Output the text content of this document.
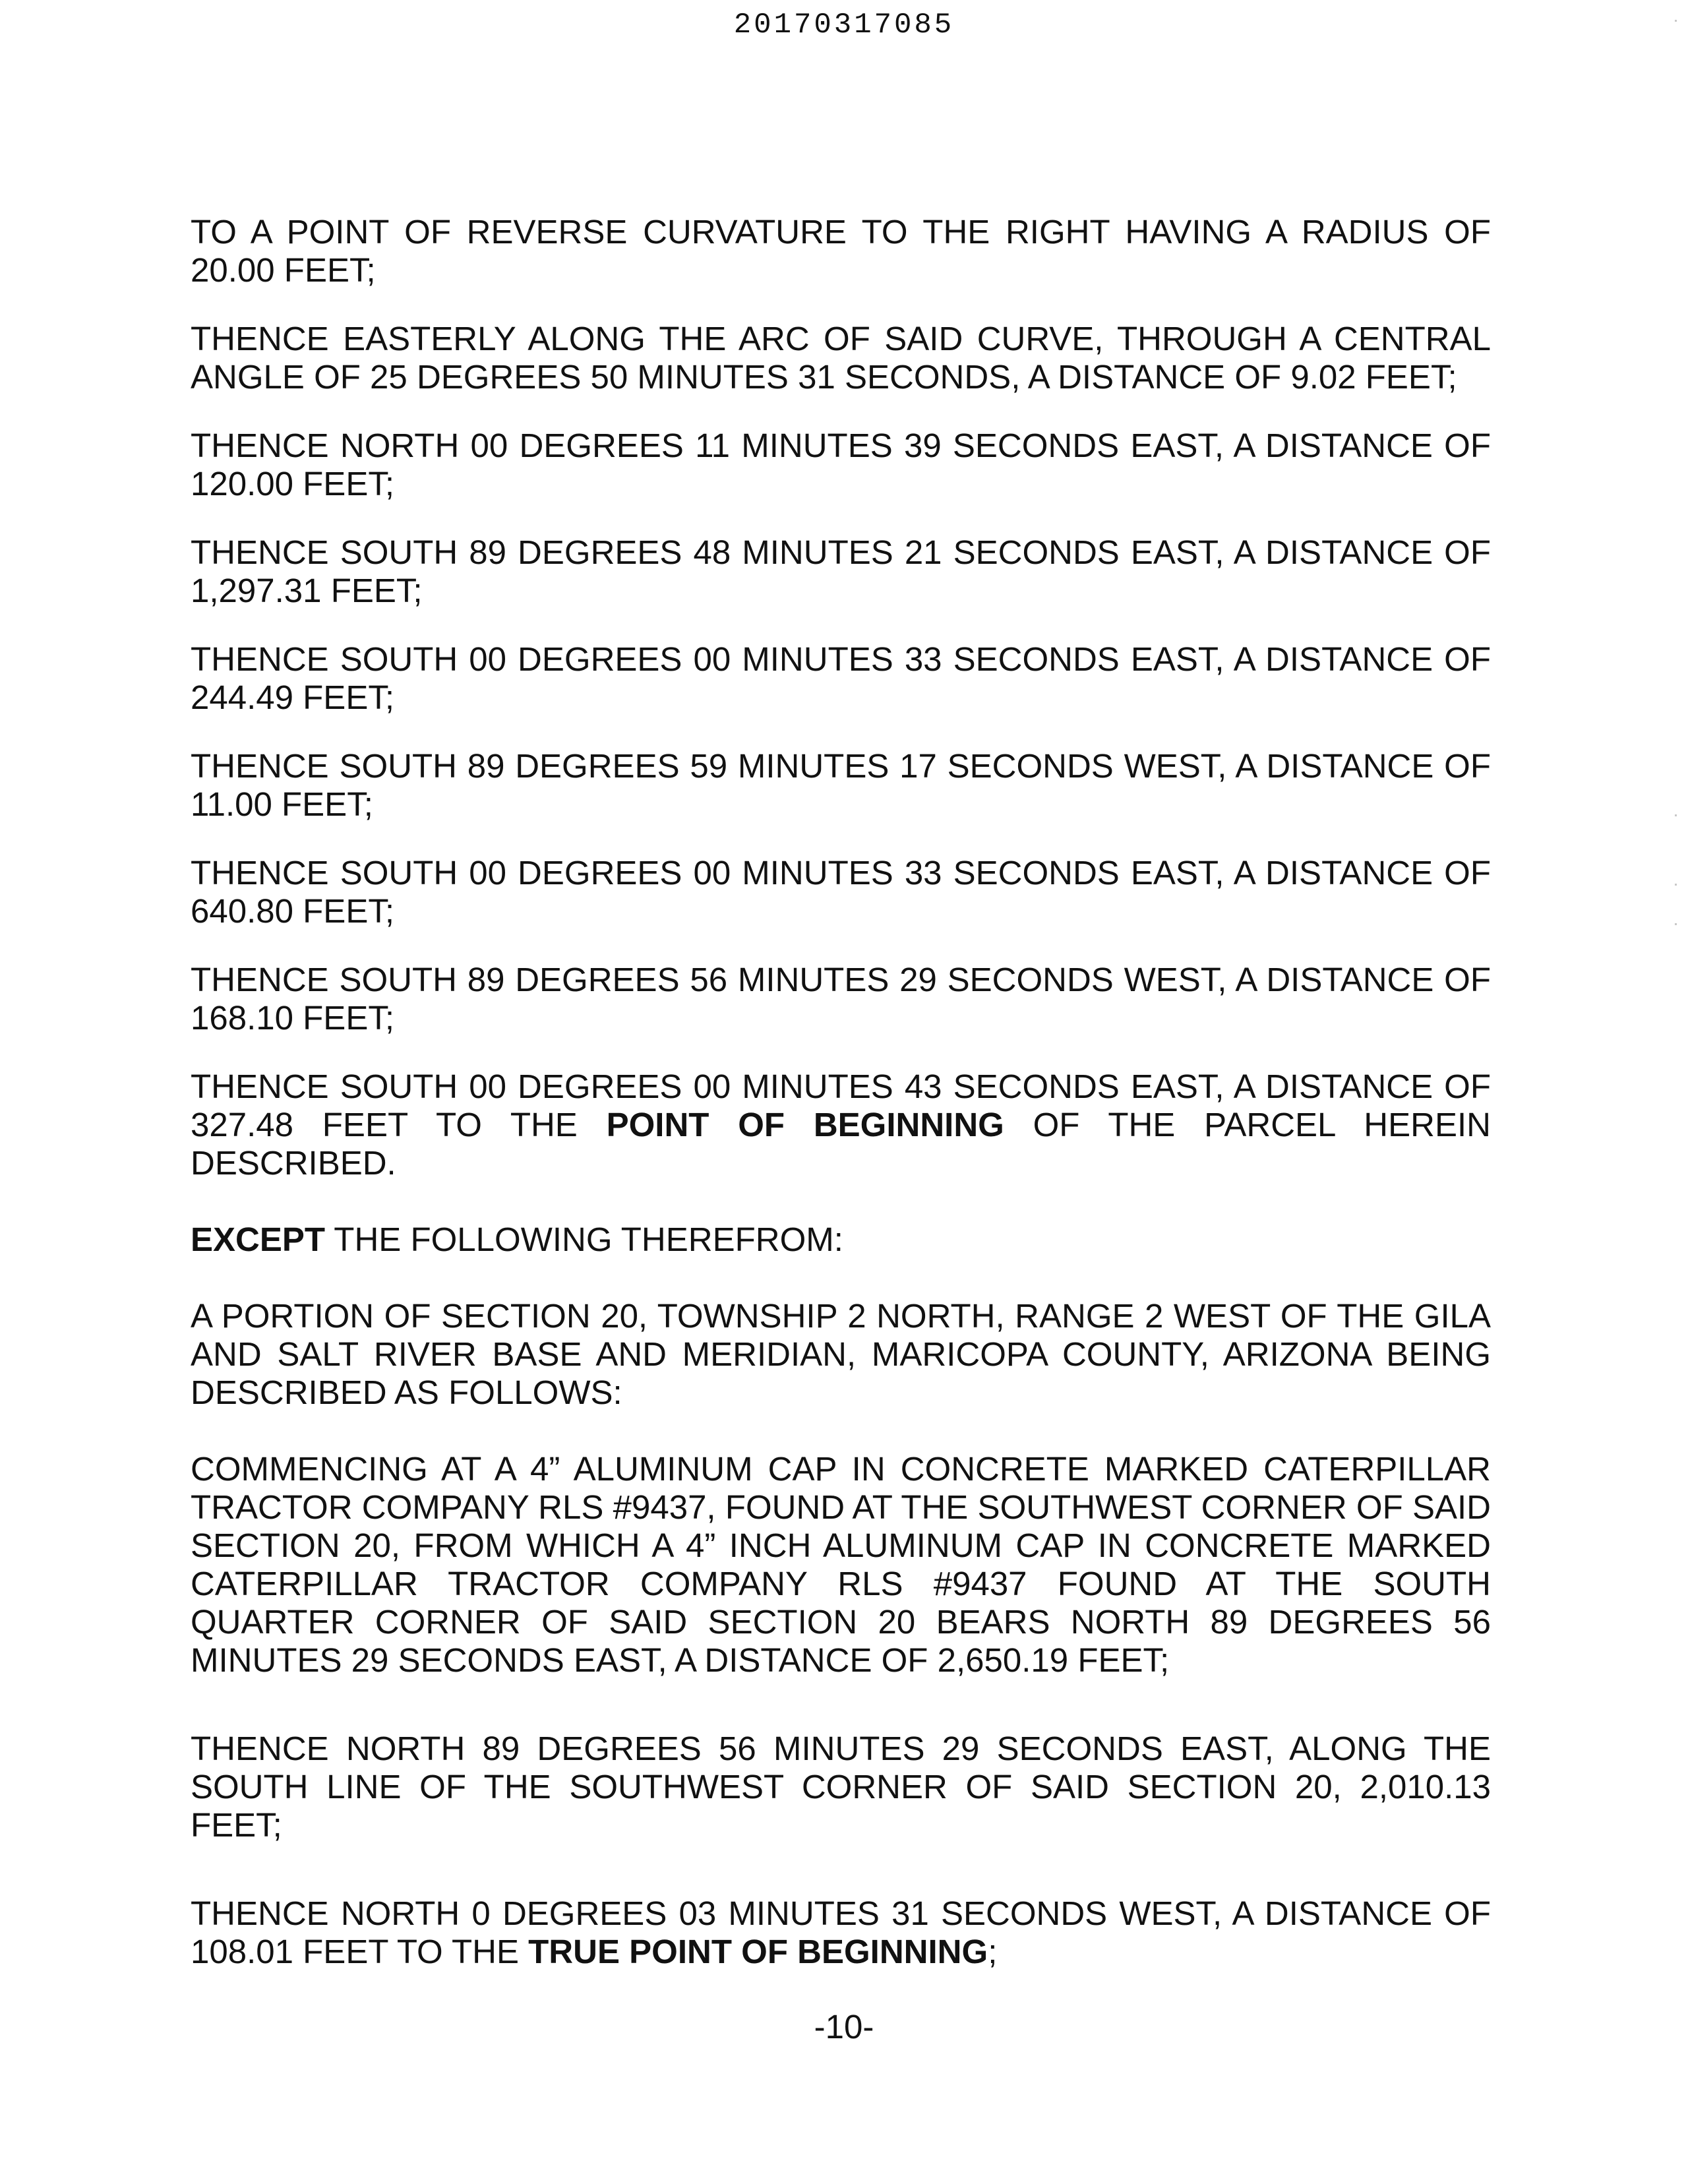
20170317085

TO A POINT OF REVERSE CURVATURE TO THE RIGHT HAVING A RADIUS OF 20.00 FEET;

THENCE EASTERLY ALONG THE ARC OF SAID CURVE, THROUGH A CENTRAL ANGLE OF 25 DEGREES 50 MINUTES 31 SECONDS, A DISTANCE OF 9.02 FEET;

THENCE NORTH 00 DEGREES 11 MINUTES 39 SECONDS EAST, A DISTANCE OF 120.00 FEET;

THENCE SOUTH 89 DEGREES 48 MINUTES 21 SECONDS EAST, A DISTANCE OF 1,297.31 FEET;

THENCE SOUTH 00 DEGREES 00 MINUTES 33 SECONDS EAST, A DISTANCE OF 244.49 FEET;

THENCE SOUTH 89 DEGREES 59 MINUTES 17 SECONDS WEST, A DISTANCE OF 11.00 FEET;

THENCE SOUTH 00 DEGREES 00 MINUTES 33 SECONDS EAST, A DISTANCE OF 640.80 FEET;

THENCE SOUTH 89 DEGREES 56 MINUTES 29 SECONDS WEST, A DISTANCE OF 168.10 FEET;

THENCE SOUTH 00 DEGREES 00 MINUTES 43 SECONDS EAST, A DISTANCE OF 327.48 FEET TO THE POINT OF BEGINNING OF THE PARCEL HEREIN DESCRIBED.

EXCEPT THE FOLLOWING THEREFROM:

A PORTION OF SECTION 20, TOWNSHIP 2 NORTH, RANGE 2 WEST OF THE GILA AND SALT RIVER BASE AND MERIDIAN, MARICOPA COUNTY, ARIZONA BEING DESCRIBED AS FOLLOWS:

COMMENCING AT A 4” ALUMINUM CAP IN CONCRETE MARKED CATERPILLAR TRACTOR COMPANY RLS #9437, FOUND AT THE SOUTHWEST CORNER OF SAID SECTION 20, FROM WHICH A 4” INCH ALUMINUM CAP IN CONCRETE MARKED CATERPILLAR TRACTOR COMPANY RLS #9437 FOUND AT THE SOUTH QUARTER CORNER OF SAID SECTION 20 BEARS NORTH 89 DEGREES 56 MINUTES 29 SECONDS EAST, A DISTANCE OF 2,650.19 FEET;

THENCE NORTH 89 DEGREES 56 MINUTES 29 SECONDS EAST, ALONG THE SOUTH LINE OF THE SOUTHWEST CORNER OF SAID SECTION 20, 2,010.13 FEET;

THENCE NORTH 0 DEGREES 03 MINUTES 31 SECONDS WEST, A DISTANCE OF 108.01 FEET TO THE TRUE POINT OF BEGINNING;

-10-
